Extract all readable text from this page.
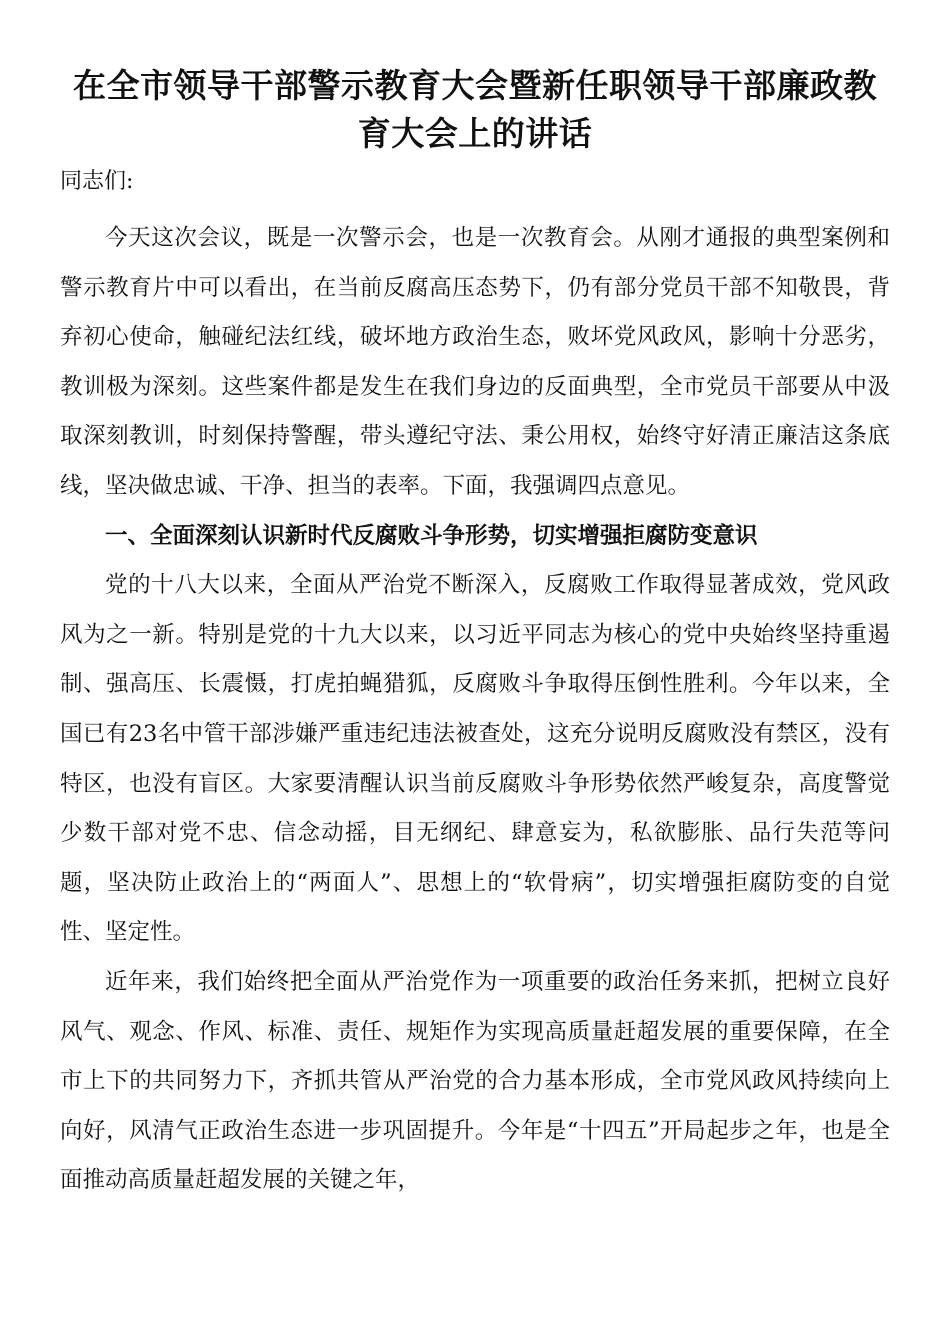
在全市领导干部警示教育大会暨新任职领导干部廉政教育大会上的讲话

同志们:

今天这次会议，既是一次警示会，也是一次教育会。从刚才通报的典型案例和警示教育片中可以看出，在当前反腐高压态势下，仍有部分党员干部不知敬畏，背弃初心使命，触碰纪法红线，破坏地方政治生态，败坏党风政风，影响十分恶劣，教训极为深刻。这些案件都是发生在我们身边的反面典型，全市党员干部要从中汲取深刻教训，时刻保持警醒，带头遵纪守法、秉公用权，始终守好清正廉洁这条底线，坚决做忠诚、干净、担当的表率。下面，我强调四点意见。

一、全面深刻认识新时代反腐败斗争形势，切实增强拒腐防变意识

党的十八大以来，全面从严治党不断深入，反腐败工作取得显著成效，党风政风为之一新。特别是党的十九大以来，以习近平同志为核心的党中央始终坚持重遏制、强高压、长震慑，打虎拍蝇猎狐，反腐败斗争取得压倒性胜利。今年以来，全国已有23名中管干部涉嫌严重违纪违法被查处，这充分说明反腐败没有禁区，没有特区，也没有盲区。大家要清醒认识当前反腐败斗争形势依然严峻复杂，高度警觉少数干部对党不忠、信念动摇，目无纲纪、肆意妄为，私欲膨胀、品行失范等问题，坚决防止政治上的“两面人”、思想上的“软骨病”，切实增强拒腐防变的自觉性、坚定性。

近年来，我们始终把全面从严治党作为一项重要的政治任务来抓，把树立良好风气、观念、作风、标准、责任、规矩作为实现高质量赶超发展的重要保障，在全市上下的共同努力下，齐抓共管从严治党的合力基本形成，全市党风政风持续向上向好，风清气正政治生态进一步巩固提升。今年是“十四五”开局起步之年，也是全面推动高质量赶超发展的关键之年，
